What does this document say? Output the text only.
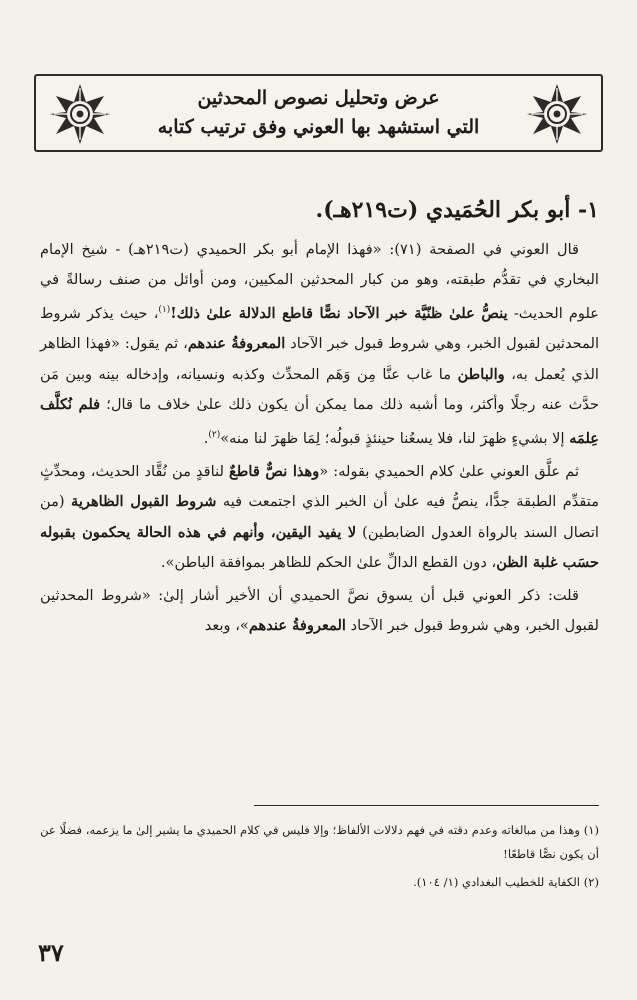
عرض وتحليل نصوص المحدثين
التي استشهد بها العوني وفق ترتيب كتابه
١- أبو بكر الحُمَيدي (ت٢١٩هـ).

قال العوني في الصفحة (٧١): «فهذا الإمام أبو بكر الحميدي (ت٢١٩هـ) - شيخ الإمام البخاري في تقدُّم طبقته، وهو من كبار المحدثين المكيين، ومن أوائل من صنف رسالةً في علوم الحديث- ينصُّ علىٰ ظنّيَّة خبر الآحاد نصًّا قاطع الدلالة علىٰ ذلك!$^{(١)}$، حيث يذكر شروط المحدثين لقبول الخبر، وهي شروط قبول خبر الآحاد المعروفةُ عندهم، ثم يقول: «فهذا الظاهر الذي يُعمل به، والباطن ما غاب عنَّا مِن وَهَم المحدِّث وكذبه ونسيانه، وإدخاله بينه وبين مَن حدَّث عنه رجلًا وأكثر، وما أشبه ذلك مما يمكن أن يكون ذلك علىٰ خلاف ما قال؛ فلم نُكلَّف عِلمَه إلا بشيءٍ ظهرَ لنا، فلا يسعُنا حينئذٍ قبولُه؛ لِمَا ظهرَ لنا منه»$^{(٢)}$.

ثم علَّق العوني علىٰ كلام الحميدي بقوله: «وهذا نصٌّ قاطعٌ لناقدٍ من نُقَّاد الحديث، ومحدِّثٍ متقدِّم الطبقة جدًّا، ينصُّ فيه علىٰ أن الخبر الذي اجتمعت فيه شروط القبول الظاهرية (من اتصال السند بالرواة العدول الضابطين) لا يفيد اليقين، وأنهم في هذه الحالة يحكمون بقبوله حسَب غلبة الظن، دون القطع الدالِّ علىٰ الحكم للظاهر بموافقة الباطن».

قلت: ذكر العوني قبل أن يسوق نصَّ الحميدي أن الأخير أشار إلىٰ: «شروط المحدثين لقبول الخبر، وهي شروط قبول خبر الآحاد المعروفةُ عندهم»، وبعد

(١) وهذا من مبالغاته وعدم دقته في فهم دلالات الألفاظ؛ وإلا فليس في كلام الحميدي ما يشير إلىٰ ما يزعمه، فضلًا عن أن يكون نصًّا قاطعًا!

(٢) الكفاية للخطيب البغدادي (١/ ١٠٤).

٣٧
